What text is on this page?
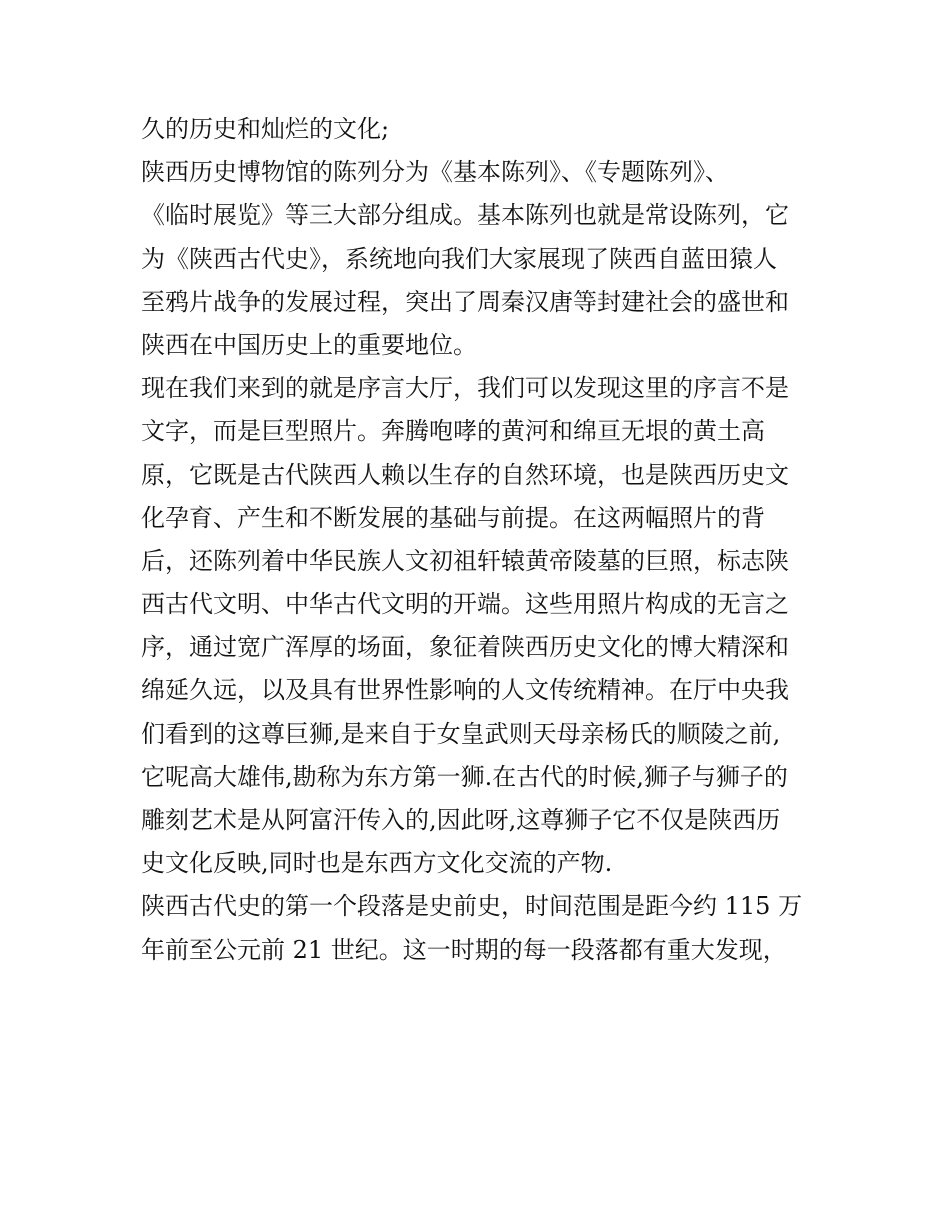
久的历史和灿烂的文化;
陕西历史博物馆的陈列分为《基本陈列》、《专题陈列》、
《临时展览》等三大部分组成。基本陈列也就是常设陈列，它
为《陕西古代史》，系统地向我们大家展现了陕西自蓝田猿人
至鸦片战争的发展过程，突出了周秦汉唐等封建社会的盛世和
陕西在中国历史上的重要地位。
现在我们来到的就是序言大厅，我们可以发现这里的序言不是
文字，而是巨型照片。奔腾咆哮的黄河和绵亘无垠的黄土高
原，它既是古代陕西人赖以生存的自然环境，也是陕西历史文
化孕育、产生和不断发展的基础与前提。在这两幅照片的背
后，还陈列着中华民族人文初祖轩辕黄帝陵墓的巨照，标志陕
西古代文明、中华古代文明的开端。这些用照片构成的无言之
序，通过宽广浑厚的场面，象征着陕西历史文化的博大精深和
绵延久远，以及具有世界性影响的人文传统精神。在厅中央我
们看到的这尊巨狮,是来自于女皇武则天母亲杨氏的顺陵之前,
它呢高大雄伟,勘称为东方第一狮.在古代的时候,狮子与狮子的
雕刻艺术是从阿富汗传入的,因此呀,这尊狮子它不仅是陕西历
史文化反映,同时也是东西方文化交流的产物.
陕西古代史的第一个段落是史前史，时间范围是距今约 115 万
年前至公元前 21 世纪。这一时期的每一段落都有重大发现，
